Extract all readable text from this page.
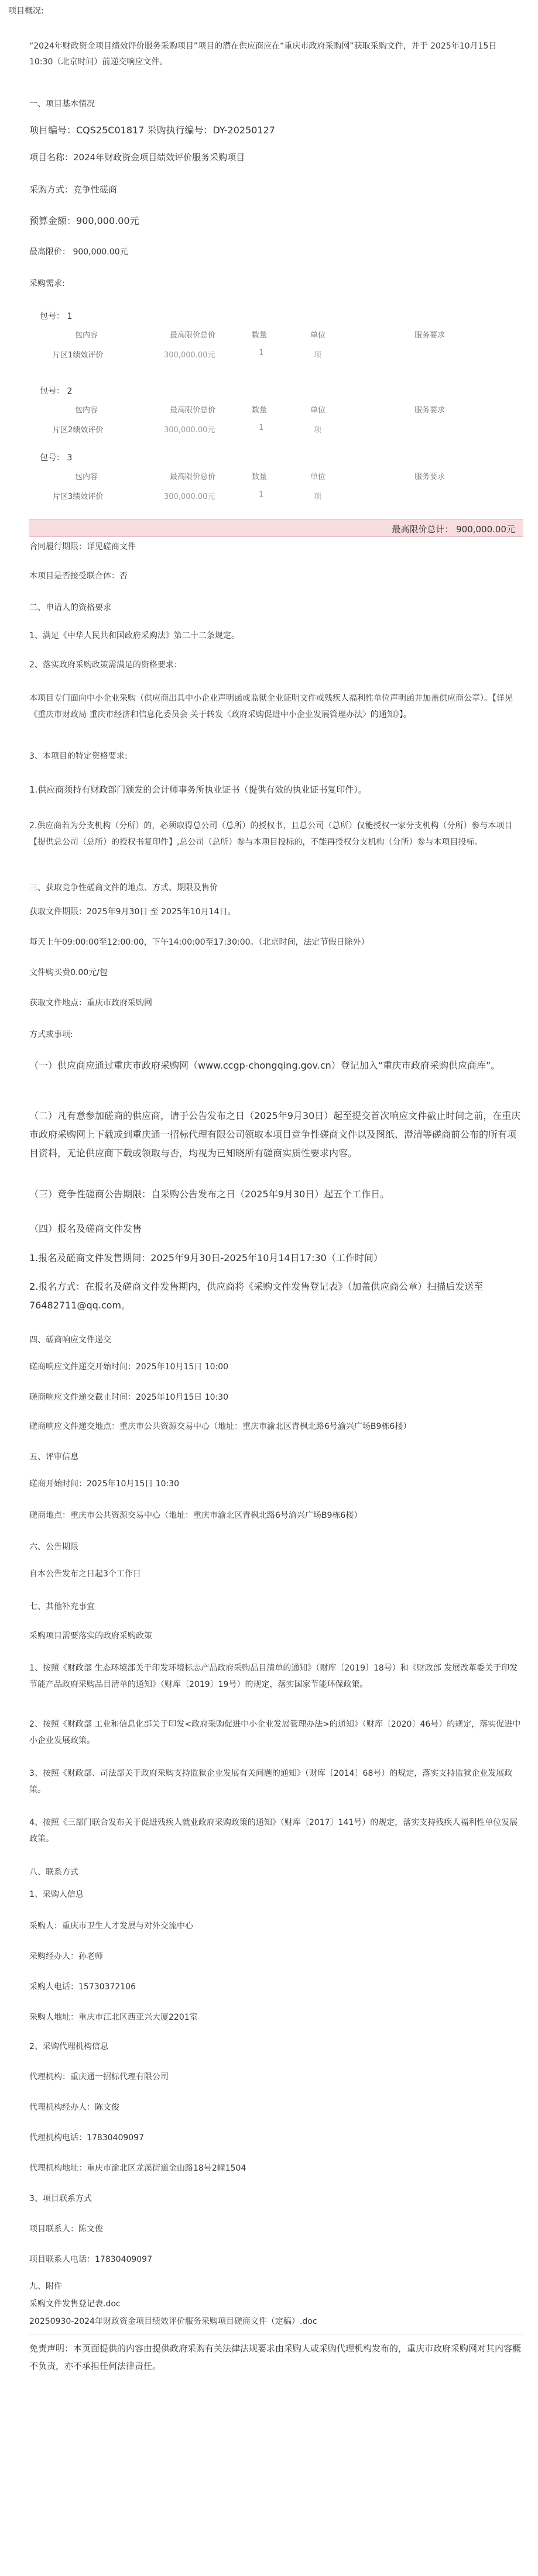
项目概况:
“2024年财政资金项目绩效评价服务采购项目”项目的潜在供应商应在“重庆市政府采购网”获取采购文件，并于 2025年10月15日 10:30（北京时间）前递交响应文件。
一、项目基本情况
项目编号：CQS25C01817 采购执行编号：DY-20250127
项目名称：2024年财政资金项目绩效评价服务采购项目
采购方式：竞争性磋商
预算金额：900,000.00元
最高限价： 900,000.00元
采购需求:
包号： 1
包内容	最高限价总价	数量	单位	服务要求
片区1绩效评价	300,000.00元	1	项
包号： 2
包内容	最高限价总价	数量	单位	服务要求
片区2绩效评价	300,000.00元	1	项
包号： 3
包内容	最高限价总价	数量	单位	服务要求
片区3绩效评价	300,000.00元	1	项
最高限价总计： 900,000.00元
合同履行期限：详见磋商文件
本项目是否接受联合体：否
二、申请人的资格要求
1、满足《中华人民共和国政府采购法》第二十二条规定。
2、落实政府采购政策需满足的资格要求：
本项目专门面向中小企业采购（供应商出具中小企业声明函或监狱企业证明文件或残疾人福利性单位声明函并加盖供应商公章）。【详见《重庆市财政局 重庆市经济和信息化委员会 关于转发〈政府采购促进中小企业发展管理办法〉的通知》】。
3、本项目的特定资格要求:
1.供应商须持有财政部门颁发的会计师事务所执业证书（提供有效的执业证书复印件）。
2.供应商若为分支机构（分所）的，必须取得总公司（总所）的授权书，且总公司（总所）仅能授权一家分支机构（分所）参与本项目【提供总公司（总所）的授权书复印件】,总公司（总所）参与本项目投标的，不能再授权分支机构（分所）参与本项目投标。
三、获取竞争性磋商文件的地点、方式、期限及售价
获取文件期限：2025年9月30日 至 2025年10月14日。
每天上午09:00:00至12:00:00，下午14:00:00至17:30:00。（北京时间，法定节假日除外）
文件购买费0.00元/包
获取文件地点：重庆市政府采购网
方式或事项:
（一）供应商应通过重庆市政府采购网（www.ccgp-chongqing.gov.cn）登记加入“重庆市政府采购供应商库”。
（二）凡有意参加磋商的供应商，请于公告发布之日（2025年9月30日）起至提交首次响应文件截止时间之前，在重庆市政府采购网上下载或到重庆通一招标代理有限公司领取本项目竞争性磋商文件以及图纸、澄清等磋商前公布的所有项目资料，无论供应商下载或领取与否，均视为已知晓所有磋商实质性要求内容。
（三）竞争性磋商公告期限：自采购公告发布之日（2025年9月30日）起五个工作日。
（四）报名及磋商文件发售
1.报名及磋商文件发售期间：2025年9月30日-2025年10月14日17:30（工作时间）
2.报名方式：在报名及磋商文件发售期内，供应商将《采购文件发售登记表》（加盖供应商公章）扫描后发送至76482711@qq.com。
四、磋商响应文件递交
磋商响应文件递交开始时间：2025年10月15日 10:00
磋商响应文件递交截止时间：2025年10月15日 10:30
磋商响应文件递交地点：重庆市公共资源交易中心（地址：重庆市渝北区青枫北路6号渝兴广场B9栋6楼）
五、评审信息
磋商开始时间：2025年10月15日 10:30
磋商地点：重庆市公共资源交易中心（地址：重庆市渝北区青枫北路6号渝兴广场B9栋6楼）
六、公告期限
自本公告发布之日起3个工作日
七、其他补充事宜
采购项目需要落实的政府采购政策
1、按照《财政部 生态环境部关于印发环境标志产品政府采购品目清单的通知》（财库〔2019〕18号）和《财政部 发展改革委关于印发节能产品政府采购品目清单的通知》（财库〔2019〕19号）的规定，落实国家节能环保政策。
2、按照《财政部 工业和信息化部关于印发<政府采购促进中小企业发展管理办法>的通知》（财库〔2020〕46号）的规定，落实促进中小企业发展政策。
3、按照《财政部、司法部关于政府采购支持监狱企业发展有关问题的通知》（财库〔2014〕68号）的规定，落实支持监狱企业发展政策。
4、按照《三部门联合发布关于促进残疾人就业政府采购政策的通知》（财库〔2017〕141号）的规定，落实支持残疾人福利性单位发展政策。
八、联系方式
1、采购人信息
采购人：重庆市卫生人才发展与对外交流中心
采购经办人：孙老师
采购人电话：15730372106
采购人地址：重庆市江北区西亚兴大厦2201室
2、采购代理机构信息
代理机构：重庆通一招标代理有限公司
代理机构经办人：陈文俊
代理机构电话：17830409097
代理机构地址：重庆市渝北区龙溪街道金山路18号2幢1504
3、项目联系方式
项目联系人：陈文俊
项目联系人电话：17830409097
九、附件
采购文件发售登记表.doc
20250930-2024年财政资金项目绩效评价服务采购项目磋商文件（定稿）.doc
免责声明：本页面提供的内容由提供政府采购有关法律法规要求由采购人或采购代理机构发布的，重庆市政府采购网对其内容概不负责，亦不承担任何法律责任。
